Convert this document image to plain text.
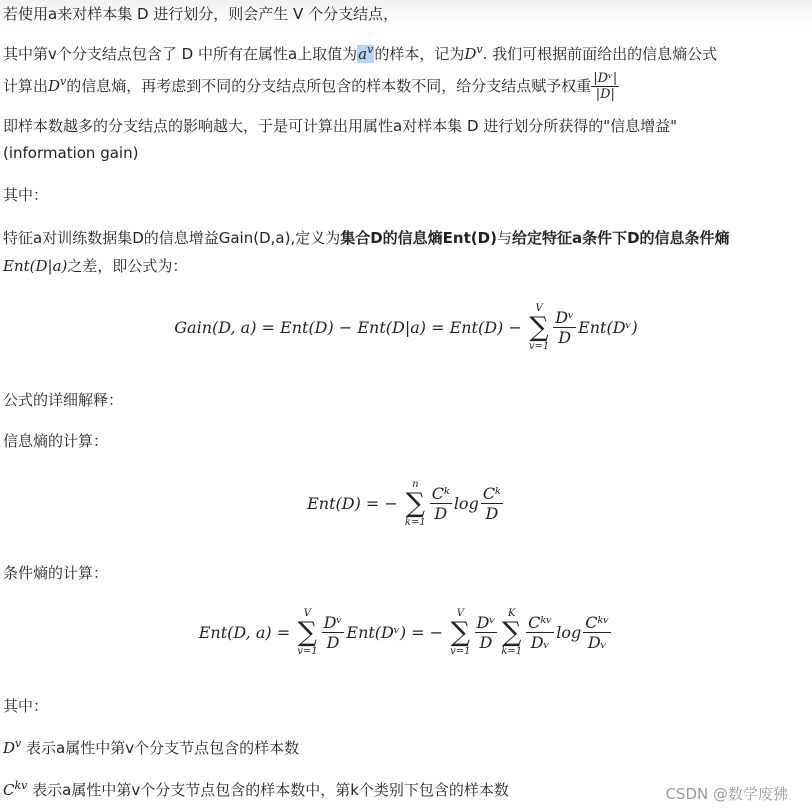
若使用a来对样本集 D 进行划分，则会产生 V 个分支结点，
其中第v个分支结点包含了 D 中所有在属性a上取值为$a^v$的样本，记为$D^v$. 我们可根据前面给出的信息熵公式
计算出$D^v$的信息熵，再考虑到不同的分支结点所包含的样本数不同，给分支结点赋予权重 $\frac{\text{|Dᵛ|}}{|D|}$
即样本数越多的分支结点的影响越大，于是可计算出用属性a对样本集 D 进行划分所获得的"信息增益"
(information gain)
其中：
特征a对训练数据集D的信息增益Gain(D,a),定义为集合D的信息熵Ent(D)与给定特征a条件下D的信息条件熵
Ent(D|a)之差，即公式为：
Gain(D, a) = Ent(D) − Ent(D|a) = Ent(D) −
V
∑
$v=1 \frac{\text{Dᵛ}}{D}$ Ent(Dᵛ)
公式的详细解释：
信息熵的计算：
Ent(D) = −
n
∑
$k=1 \frac{\text{Cᵏ}}{D}$ $\log \frac{\text{Cᵏ}}{D}$
条件熵的计算：
Ent(D, a) =
V
∑
$v=1 \frac{\text{Dᵛ}}{D}$ Ent(Dᵛ) = −
V
∑
$v=1 \frac{\text{Dᵛ}}{D}$	K
∑
$k=1 \frac{\text{Cᵏᵛ}}{\text{Dᵥ}}$ $\log \frac{\text{Cᵏᵛ}}{\text{Dᵥ}}$
其中：
$D^v$ 表示a属性中第v个分支节点包含的样本数
$C^{kv}$ 表示a属性中第v个分支节点包含的样本数中，第k个类别下包含的样本数	CSDN @数学废狒
